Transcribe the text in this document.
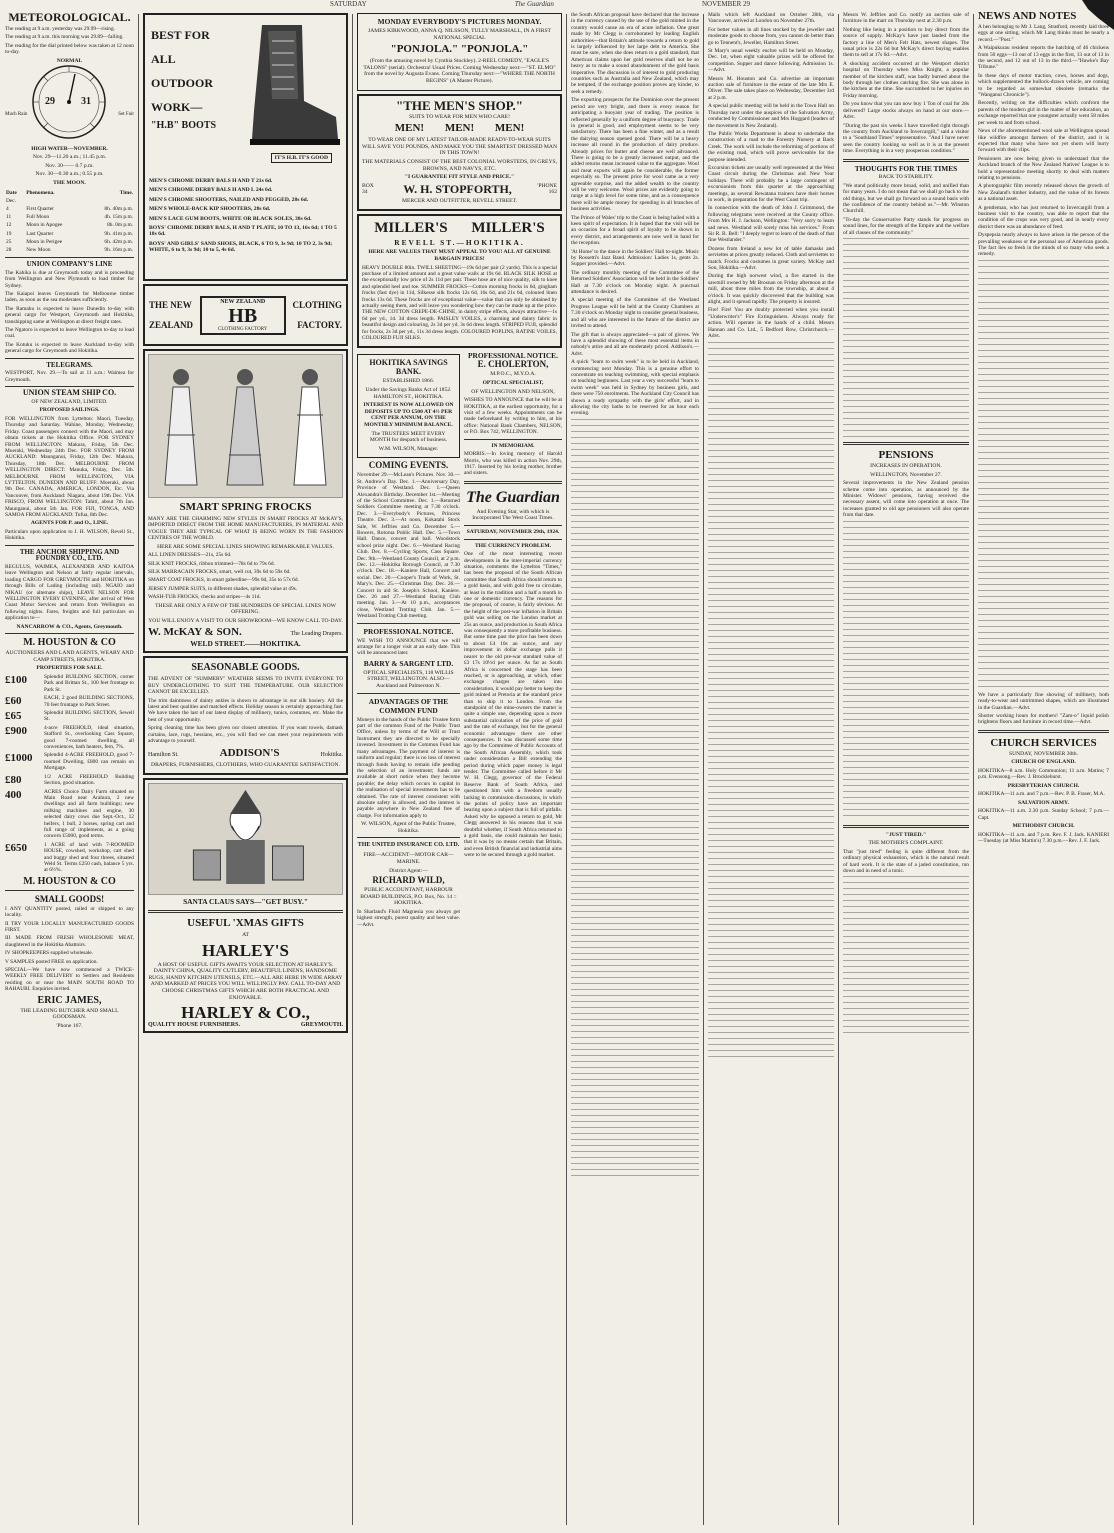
SATURDAY	The Guardian	NOVEMBER 29
METEOROLOGICAL.

The reading at 9 a.m. yesterday was 29.99—rising.

The reading at 9 a.m. this morning was 29.89—falling.

The reading for the dial printed below was taken at 12 noon to-day.

NORMAL
29	31
Much Rain	Set Fair
HIGH WATER—NOVEMBER.
Nov. 29—11.20 a.m.; 11.45 p.m.
Nov. 30—— 0.7 p.m.
Nov. 30—0.30 a.m.; 0.55 p.m.
THE MOON.
Date	Phenomena.	Time.
Dec.		
4	First Quarter	8h. 40m p.m.
11	Full Moon	4h. 15m p.m.
12	Moon in Apogee	8h. 0m p.m.
19	Last Quarter	9h. 41m p.m.
25	Moon in Perigee	6h. 42m p.m.
28	New Moon	9h. 16m p.m.
UNION COMPANY'S LINE

The Kahika is due at Greymouth today and is proceeding from Wellington and New Plymouth to load timber for Sydney.

The Kaiapoi leaves Greymouth for Melbourne timber laden, as soon as the sea moderates sufficiently.

The Ramahu is expected to leave Dunedin to-day with general cargo for Westport, Greymouth and Hokitika, transhipping same at Wellington at direct freight rates.

The Ngatoro is expected to leave Wellington to-day to load coal.

The Kotuku is expected to leave Auckland to-day with general cargo for Greymouth and Hokitika.

TELEGRAMS.

WESTPORT, Nov. 29.—To sail at 11 a.m.: Waimea for Greymouth.

UNION STEAM SHIP CO.
OF NEW ZEALAND, LIMITED.
PROPOSED SAILINGS.

FOR WELLINGTON from Lyttelton: Maori, Tuesday, Thursday and Saturday. Wahine, Monday, Wednesday, Friday. Coast passengers connect with the Maori, and may obtain tickets at the Hokitika Office. FOR SYDNEY FROM WELLINGTON: Makura, Friday, 5th Dec. Moeraki, Wednesday 24th Dec. FOR SYDNEY FROM AUCKLAND: Maunganui, Friday, 12th Dec. Makura, Thursday, 18th Dec. MELBOURNE FROM WELLINGTON DIRECT: Manuka, Friday, Dec. 5th. MELBOURNE FROM WELLINGTON, VIA LYTTELTON, DUNEDIN AND BLUFF: Moeraki, about 9th Dec. CANADA, AMERICA, LONDON, Etc. Via Vancouver, from Auckland: Niagara, about 19th Dec. VIA FRISCO, FROM WELLINGTON: Tahiti, about 7th Jan. Maunganui, about 5th Jan. FOR FIJI, TONGA, AND SAMOA FROM AUCKLAND: Tofua, 8th Dec.

AGENTS FOR P. and O., LINE.

Particulars upon application to J. H. WILSON, Revell St., Hokitika.

THE ANCHOR SHIPPING AND FOUNDRY CO., LTD.

REGULUS, WAIMEA, ALEXANDER AND KAITOA leave Wellington and Nelson at fairly regular intervals, loading CARGO FOR GREYMOUTH and HOKITIKA on through Bills of Lading (including rail). NGAIO and NIKAU (or alternate ships), LEAVE NELSON FOR WELLINGTON EVERY EVENING, after arrival of West Coast Motor Services and return from Wellington on following nights. Fares, freights and full particulars on application to—

NANCARROW & CO., Agents, Greymouth.
M. HOUSTON & CO
AUCTIONEERS AND LAND AGENTS, WEARY AND CAMP STREETS, HOKITIKA.
PROPERTIES FOR SALE.
£100	Splendid BUILDING SECTION, corner Park and Brittan St., 100 feet frontage to Park St.
£60	EACH, 2 good BUILDING SECTIONS, 70 feet frontage to Park Street.
£65	Splendid BUILDING SECTION, Sewell St.
£900	4-acre FREEHOLD, ideal situation, Stafford St., overlooking Cass Square, good 7-roomed dwelling, all conveniences, bath heaters, fern, 7%.
£1000	Splendid 4-ACRE FREEHOLD, good 7-roomed Dwelling, £800 can remain on Mortgage.
£80	1/2 ACRE FREEHOLD Building Section, good situation.
400	ACRES Choice Dairy Farm situated on Main Road near Arahura, 2 new dwellings and all farm buildings; new milking machines and engine, 30 selected dairy cows due Sept.-Oct., 12 heifers, 1 bull, 2 horses, spring cart and full range of implements, as a going concern £5000, good terms.
£650	1 ACRE of land with 7-ROOMED HOUSE, cowshed, workshop, cart shed and buggy shed and four threes, situated Weld St. Terms £250 cash, balance 5 yrs. at 6½%.
M. HOUSTON & CO
SMALL GOODS!

I ANY QUANTITY posted, railed or shipped to any locality.

II TRY YOUR LOCALLY MANUFACTURED GOODS FIRST.

III MADE FROM FRESH WHOLESOME MEAT, slaughtered in the Hokitika Abattoirs.

IV SHOPKEEPERS supplied wholesale.

V SAMPLES posted FREE on application.

SPECIAL—We have now commenced a TWICE-WEEKLY FREE DELIVERY to Settlers and Residents residing on or near the MAIN SOUTH ROAD TO RAHAURI. Enquiries invited.

ERIC JAMES,
THE LEADING BUTCHER AND SMALL GOODSMAN.
'Phone 167.
BEST FOR
ALL
OUTDOOR
WORK—
"H.B" BOOTS
IT'S H.B. IT'S GOOD
MEN'S CHROME DERBY BALS H AND T 21s 6d.
MEN'S CHROME DERBY BALS H AND L 24s 6d.
MEN'S CHROME SHOOTERS, NAILED AND PEGGED, 28s 6d.
MEN'S WHOLE-BACK KIP SHOOTERS, 28s 6d.
MEN'S LACE GUM BOOTS, WHITE OR BLACK SOLES, 38s 6d.
BOYS' CHROME DERBY BALS, H AND T PLATE, 10 TO 13, 16s 6d; 1 TO 5 18s 6d.
BOYS' AND GIRLS' SAND SHOES, BLACK, 6 TO 9, 3s 9d; 10 TO 2, 3s 9d; WHITE, 6 to 9, 3s 9d; 10 to 5, 4s 6d.
THE NEW
ZEALAND
NEW ZEALAND
HB
CLOTHING FACTORY
CLOTHING
FACTORY.
SMART SPRING FROCKS

MANY ARE THE CHARMING NEW STYLES IN SMART FROCKS AT McKAY'S, IMPORTED DIRECT FROM THE HOME MANUFACTURERS, IN MATERIAL AND VOGUE THEY ARE TYPICAL OF WHAT IS BEING WORN IN THE FASHION CENTRES OF THE WORLD.

HERE ARE SOME SPECIAL LINES SHOWING REMARKABLE VALUES.

ALL LINEN DRESSES—21s, 25s 6d.

SILK KNIT FROCKS, ribbon trimmed—78s 6d to 79s 6d.

SILK MARRACAIN FROCKS, smart, well cut, 39s 6d to 59s 6d.

SMART COAT FROCKS, in smart gaberdine—99s 6d, 35s to 57s 6d.

JERSEY JUMPER SUITS, in different shades, splendid value at 49s.

WASH-TUB FROCKS, checks and stripes—4s 11d.

THESE ARE ONLY A FEW OF THE HUNDREDS OF SPECIAL LINES NOW OFFERING.

YOU WILL ENJOY A VISIT TO OUR SHOWROOM—WE KNOW CALL TO-DAY.

W. McKAY & SON.	The Leading Drapers.
WELD STREET.——HOKITIKA.
SEASONABLE GOODS.

THE ADVENT OF "SUMMERY" WEATHER SEEMS TO INVITE EVERYONE TO BUY UNDERCLOTHING TO SUIT THE TEMPERATURE. OUR SELECTION CANNOT BE EXCELLED.

The trim daintiness of dainty ankles is shown to advantage in our silk hosiery. All the latest and best qualities and matched effects. Holiday season is certainly approaching fast. We have taken the last of our latest display of millinery, tunics, costumes, etc. Make the best of your opportunity.

Spring cleaning time has been given our closest attention. If you want towels, damask curtains, lace, rugs, hessians, etc., you will find we can meet your requirements with advantage to yourself.

Hamilton St.	ADDISON'S	Hokitika.
DRAPERS, FURNISHERS, CLOTHIERS, WHO GUARANTEE SATISFACTION.
SANTA CLAUS SAYS—"GET BUSY."
USEFUL 'XMAS GIFTS
AT
HARLEY'S

A HOST OF USEFUL GIFTS AWAITS YOUR SELECTION AT HARLEY'S. DAINTY CHINA, QUALITY CUTLERY, BEAUTIFUL LINENS, HANDSOME RUGS, HANDY KITCHEN UTENSILS, ETC.—ALL ARE HERE IN WIDE ARRAY AND MARKED AT PRICES YOU WILL WILLINGLY PAY. CALL TO-DAY AND CHOOSE CHRISTMAS GIFTS WHICH ARE BOTH PRACTICAL AND ENJOYABLE.

HARLEY & CO.,
QUALITY HOUSE FURNISHERS.	GREYMOUTH.
MONDAY EVERYBODY'S PICTURES MONDAY.
JAMES KIRKWOOD, ANNA Q. NILSSON, TULLY MARSHALL, IN A FIRST NATIONAL SPECIAL
"PONJOLA." "PONJOLA."

(From the amusing novel by Cynthia Stockley). 2-REEL COMEDY, "EAGLE'S TALONS" (serial). Orchestra! Usual Prices. Coming Wednesday next:—"ST. ELMO" from the novel by Augusta Evans. Coming Thursday next:—"WHERE THE NORTH BEGINS" (A Master Picture).

"THE MEN'S SHOP."
SUITS TO WEAR FOR MEN WHO CARE!
MEN! MEN! MEN!

TO WEAR ONE OF MY LATEST TAILOR-MADE READY-TO-WEAR SUITS WILL SAVE YOU POUNDS, AND MAKE YOU THE SMARTEST DRESSED MAN IN THIS TOWN!

THE MATERIALS CONSIST OF THE BEST COLONIAL WORSTEDS, IN GREYS, BROWNS, AND NAVYS, ETC.

"I GUARANTEE FIT STYLE AND PRICE."

BOX 34	W. H. STOPFORTH,	'PHONE 162
MERCER AND OUTFITTER, REVELL STREET.
MILLER'S MILLER'S
REVELL ST.—HOKITIKA.

HERE ARE VALUES THAT MUST APPEAL TO YOU! ALL AT GENUINE BARGAIN PRICES!

HEAVY DOUBLE 80in. TWILL SHEETING—19s 6d per pair (2 yards). This is a special purchase of a limited amount and a great value walls at 19s 6d. BLACK SILK HOSE at the exceptionally low price of 2s 11d per pair. These hose are of nice quality, silk to knee and splendid heel and toe. SUMMER FROCKS—Cotton morning frocks in 6d, gingham frocks (fast dye) in 11d, Silkesse silk frocks 12s 6d, 16s 6d, and 21s 6d, coloured linen frocks 13s 6d. These frocks are of exceptional value—value that can only be obtained by actually seeing them, and will leave you wondering how they can be made up at the price. THE NEW COTTON CREPE-DE-CHINE, in dainty stripe effects, always attractive—1s 6d per yd., 1d. 3d dress length. PAISLEY VOILES, a charming and dainty fabric in beautiful design and colouring, 2s 3d per yd. 3s 6d dress length. STRIPED FUJI, splendid for frocks, 2s 3d per yd., 11s 3d dress length. COLOURED POPLINS, RATINE VOILES, COLOURED FUJI SILKS.

HOKITIKA SAVINGS BANK.
ESTABLISHED 1866.

Under the Savings Banks Act of 1852. HAMILTON ST., HOKITIKA.

INTEREST IS NOW ALLOWED ON DEPOSITS UP TO £500 AT 4½ PER CENT PER ANNUM, ON THE MONTHLY MINIMUM BALANCE.

The TRUSTEES MEET EVERY MONTH for despatch of business.

W.M. WILSON, Manager.
COMING EVENTS.

November 29.—McLean's Pictures. Nov. 30.—St. Andrew's Day. Dec. 1.—Anniversary Day, Province of Westland. Dec. 1.—Queen Alexandra's Birthday. December 1st.—Meeting of the School Committee. Dec. 1.—Returned Soldiers Committee meeting at 7.30 o'clock. Dec. 3.—Everybody's Pictures, Princess Theatre. Dec. 3.—At noon, Kokatahi Stock Sale, W. Jeffries and Co. December 5.—Bowers, Rotorua Public Hall. Dec. 5.—Town Hall. Dance, concert and ball. Woodstock school prize night. Dec. 6.—Westland Racing Club. Dec. 8.—Cycling Sports, Cass Square. Dec. 9th.—Westland County Council, at 2 p.m. Dec. 12.—Hokitika Borough Council, at 7.30 o'clock. Dec. 18.—Kaniere Hall, Concert and social. Dec. 20.—Cooper's Trade of Work, St. Mary's. Dec. 25.—Christmas Day. Dec. 26.—Concert in aid St. Joseph's School, Kaniere. Dec. 26 and 27.—Westland Racing Club meeting. Jan. 3.—At 10 p.m., acceptances close, Westland Trotting Club. Jan. 5.—Westland Trotting Club meeting.

PROFESSIONAL NOTICE.

WE WISH TO ANNOUNCE that we will arrange for a longer visit at an early date. This will be announced later.

BARRY & SARGENT LTD.
OPTICAL SPECIALISTS, 118 WILLIS STREET, WELLINGTON. ALSO—Auckland and Palmerston N.
ADVANTAGES OF THE COMMON FUND

Moneys in the hands of the Public Trustee form part of the common Fund of the Public Trust Office, unless by terms of the Will or Trust Instrument they are directed to be specially invested. Investment in the Common Fund has many advantages. The payment of interest is uniform and regular; there is no loss of interest through funds having to remain idle pending the selection of an investment; funds are available at short notice when they become payable; the delay which occurs in capital in the realisation of special investments has to be obtained. The rate of interest consistent with absolute safety is allowed, and the interest is payable anywhere in New Zealand free of charge. For information apply to

W. WILSON, Agent of the Public Trustee, Hokitika.
THE UNITED INSURANCE CO. LTD.
FIRE—ACCIDENT—MOTOR CAR—MARINE.
District Agent:—
RICHARD WILD,
PUBLIC ACCOUNTANT, HARBOUR BOARD BUILDINGS, P.O. Box, No. 14 :: HOKITIKA.

In Sharland's Fluid Magnesia you always get highest strength, purest quality and best value.—Advt.

PROFESSIONAL NOTICE.
E. CHOLERTON,
M.P.O.C., M.Y.O.A.
OPTICAL SPECIALIST,
OF WELLINGTON AND NELSON,

WISHES TO ANNOUNCE that he will be at HOKITIKA, at the earliest opportunity, for a visit of a few weeks. Appointments can be made beforehand by writing to him, at his office: National Bank Chambers, NELSON, or P.O. Box 742, WELLINGTON.

IN MEMORIAM.

MORRIS.—In loving memory of Harold Morris, who was killed in action Nov. 29th, 1917. Inserted by his loving mother, brother and sisters.

The Guardian
And Evening Star, with which is Incorporated The West Coast Times.
SATURDAY, NOVEMBER 29th, 1924.
THE CURRENCY PROBLEM.

One of the most interesting recent developments in the inter-imperial currency situation, comments the Lyttelton "Times," has been the proposal of the South African committee that South Africa should return to a gold basis, and with gold free to circulate, at least in the tradition and a half a month in one or domestic currency. The reasons for the proposal, of course, is fairly obvious. At the height of the post-war inflation in Britain gold was selling on the London market at 25s an ounce, and production in South Africa was consequently a more profitable business. But some time past the price has been down to about £4 10s an ounce, and any improvement in dollar exchange pulls it nearer to the old pre-war standard value of £3 17s 10½d per ounce. As far as South Africa is concerned the stage has been reached, or is approaching, at which, other exchange charges are taken into consideration, it would pay better to keep the gold minted at Pretoria at the standard price than to ship it to London. From the standpoint of the mine-owners the matter is quite a simple one, depending upon a more substantial calculation of the price of gold and the rate of exchange, but for the general economic advantages there are other consequences. It was discussed some time ago by the Committee of Public Accounts of the South African Assembly, which took under consideration a Bill extending the period during which paper money is legal tender. The Committee called before it Mr W. H. Clegg, governor of the Federal Reserve Bank of South Africa, and questioned him with a freedom usually lacking in commission discussions, in which the points of policy have an important bearing upon a subject that is full of pitfalls. Asked why he opposed a return to gold, Mr Clegg answered in his reasons that it was doubtful whether, if South Africa returned to a gold basis, she could maintain her basis; that it was by no means certain that Britain, and even British financial and industrial aims were to be secured through a gold market.

the South African proposal have declared that the increase in the currency caused by the use of the gold minted in the country would cause an era of acute inflation. One great made by Mr Clegg is corroborated by leading English authorities—that Britain's attitude towards a return to gold is largely influenced by her large debt to America. She must be sure, when she does return to a gold standard, that American claims upon her gold reserves shall not be so heavy as to make a sound abandonment of the gold basis imperative. The discussion is of interest to gold producing countries such as Australia and New Zealand, which may be tempted, if the exchange position proves any kinder, to seek a remedy.

The exporting prospects for the Dominion over the present period are very bright, and there is every reason for anticipating a buoyant year of trading. The position is reflected generally by a uniform degree of buoyancy. Trade in general is good, and employment seems to be very satisfactory. There has been a fine winter, and as a result the dairying season opened good. There will be a heavy increase all round in the production of dairy produce. Already prices for butter and cheese are well advanced. There is going to be a greatly increased output, and the added returns mean increased value to the aggregate. Wool and meat exports will again be considerable, the former especially so. The present price for wool came as a very agreeable surprise, and the added wealth to the country will be very welcome. Wool prices are evidently going to range at a high level for some time, and as a consequence there will be ample money for spending in all branches of business activities.

The Prince of Wales' trip to the Coast is being hailed with a keen spirit of expectation. It is hoped that the visit will be an occasion for a broad spirit of loyalty to be shown in every district, and arrangements are now well in hand for the reception.

'At Home' to the dance in the Soldiers' Hall to-night. Music by Rossetti's Jazz Band. Admission: Ladies 1s, gents 2s. Supper provided.—Advt.

The ordinary monthly meeting of the Committee of the Returned Soldiers' Association will be held in the Soldiers' Hall at 7.30 o'clock on Monday night. A punctual attendance is desired.

A special meeting of the Committee of the Westland Progress League will be held at the County Chambers at 7.30 o'clock on Monday night to consider general business, and all who are interested in the future of the district are invited to attend.

The gift that is always appreciated—a pair of gloves. We have a splendid showing of these most essential items in nobody's attire and all are moderately priced. Addison's.—Advt.

A quick "learn to swim week" is to be held in Auckland, commencing next Monday. This is a genuine effort to concentrate on teaching swimming, with special emphasis on teaching beginners. Last year a very successful "learn to swim week" was held in Sydney by business girls, and there were 750 enrolments. The Auckland City Council has shown a ready sympathy with the girls' effort, and in allowing the city baths to be reserved for an hour each evening.

Mails which left Auckland on October 28th, via Vancouver, arrived at London on November 27th.

For better values in all lines stocked by the jeweller and moderate goods to choose from, you cannot do better than go to Tennent's, Jeweller, Hamilton Street.

St Mary's usual weekly euchre will be held on Monday, Dec. 1st, when eight valuable prizes will be offered for competition. Supper and dance following. Admission 1s.—Advt.

Messrs M. Houston and Co. advertise an important auction sale of furniture in the estate of the late Mrs E. Oliver. The sale takes place on Wednesday, December 3rd at 2 p.m.

A special public meeting will be held in the Town Hall on Thursday next under the auspices of the Salvation Army, conducted by Commissioner and Mrs Hoggard (leaders of the movement in New Zealand).

The Public Works Department is about to undertake the construction of a road to the Forestry Nursery at Back Creek. The work will include the reforming of portions of the existing road, which will prove serviceable for the purpose intended.

Excursion tickets are usually well represented at the West Coast circuit during the Christmas and New Year holidays. There will probably be a large contingent of excursionists from this quarter at the approaching meetings, as several Rewatana trainers have their horses in work, in preparation for the West Coast trip.

In connection with the death of John J. Grimmond, the following telegrams were received at the County office. From Mrs H. J. Jackson, Wellington: "Very sorry to learn sad news. Westland will sorely miss his services." From Sir R. B. Bell: "I deeply regret to learn of the death of that fine Westlander."

Dozens from Ireland a new lot of table damasks and serviettes at prices greatly reduced. Cloth and serviettes to match. Frocks and costumes in great variety. McKay and Son, Hokitika.—Advt.

During the high norwest wind, a fire started in the sawmill owned by Mr Brosnan on Friday afternoon at the mill, about three miles from the township, at about 4 o'clock. It was quickly discovered that the building was alight, and it spread rapidly. The property is insured.

Fire! Fire! You are doubly protected when you install "Underwriter's" Fire Extinguishers. Always ready for action. Will operate in the hands of a child. Messrs Hannan and Co. Ltd., 5 Bedford Row, Christchurch.—Advt.

Messrs W. Jeffries and Co. notify an auction sale of furniture in the mart on Thursday next at 2.30 p.m.

Nothing like being in a position to buy direct from the source of supply. McKay's have just landed from the factory a line of Men's Felt Hats, newest shapes. The usual price is 22s 6d but McKay's direct buying enables them to sell at 17s 6d.—Advt.

A shocking accident occurred at the Westport district hospital on Thursday when Miss Knight, a popular member of the kitchen staff, was badly burned about the body through her clothes catching fire. She was alone in the kitchen at the time. She succumbed to her injuries on Friday morning.

Do you know that you can now buy 1 Ton of coal for 28s delivered? Large stocks always on hand at our store.—Advt.

"During the past six weeks I have travelled right through the country from Auckland to Invercargill," said a visitor to a "Southland Times" representative. "And I have never seen the country looking so well as it is at the present time. Everything is in a very prosperous condition."

THOUGHTS FOR THE TIMES
BACK TO STABILITY.

"We stand politically more broad, solid, and unified than for many years. I do not mean that we shall go back to the old things, but we shall go forward on a sound basis with the confidence of the country behind us."—Mr. Winston Churchill.

"To-day the Conservative Party stands for progress on sound lines, for the strength of the Empire and the welfare of all classes of the community."

PENSIONS
INCREASES IN OPERATION.
WELLINGTON, November 27.

Several improvements in the New Zealand pension scheme come into operation, as announced by the Minister. Widows' pensions, having received the necessary assent, will come into operation at once. The increases granted to old age pensioners will also operate from that date.

"JUST TIRED."
THE MOTHER'S COMPLAINT.

That "just tired" feeling is quite different from the ordinary physical exhaustion, which is the natural result of hard work. It is the state of a jaded constitution, run down and in need of a tonic.

NEWS AND NOTES

A hen belonging to Mr J. Lang, Stratford, recently laid three eggs at one sitting, which Mr Lang thinks must be nearly a record.—"Post."

A Waipukurau resident reports the hatching of 46 chickens from 50 eggs—13 out of 13 eggs in the first, 13 out of 13 in the second, and 12 out of 13 in the third.—"Hawke's Bay Tribune."

In these days of motor traction, cows, horses and dogs, which supplemented the bullock-drawn vehicle, are coming to be regarded as somewhat obsolete (remarks the "Wanganui Chronicle").

Recently, writing on the difficulties which confront the parents of the modern girl in the matter of her education, an exchange reported that one youngster actually went 58 miles per week to and from school.

News of the aforementioned wool sale at Wellington spread like wildfire amongst farmers of the district, and it is expected that many who have not yet shorn will hurry forward with their clips.

Pensioners are now being given to understand that the Auckland branch of the New Zealand Natives' League is to hold a representative meeting shortly to deal with matters relating to pensions.

A photographic film recently released shows the growth of New Zealand's timber industry, and the value of its forests as a national asset.

A gentleman, who has just returned to Invercargill from a business visit to the country, was able to report that the condition of the crops was very good, and in nearly every district there was an abundance of feed.

Dyspepsia nearly always to have arisen in the person of the prevailing weakness or the personal use of American goods. The fact lies so fresh in the minds of so many who seek a remedy.

We have a particularly fine showing of millinery, both ready-to-wear and untrimmed shapes, which are illustrated in the Guardian.—Advt.

Shorter working hours for mothers! "Zam-o" liquid polish brightens floors and furniture in record time.—Advt.

CHURCH SERVICES
SUNDAY, NOVEMBER 30th.
CHURCH OF ENGLAND.

HOKITIKA—8 a.m. Holy Communion; 11 a.m. Matins; 7 p.m. Evensong.—Rev. J. Brocklehurst.

PRESBYTERIAN CHURCH.

HOKITIKA—11 a.m. and 7 p.m.—Rev. P. B. Fraser, M.A.

SALVATION ARMY.

HOKITIKA—11 a.m. 2.30 p.m. Sunday School; 7 p.m.—Capt.

METHODIST CHURCH.

HOKITIKA—11 a.m. and 7 p.m. Rev. F. J. Jack. KANIERI—Tuesday (at Miss Martin's) 7.30 p.m.—Rev. J. F. Jack.
